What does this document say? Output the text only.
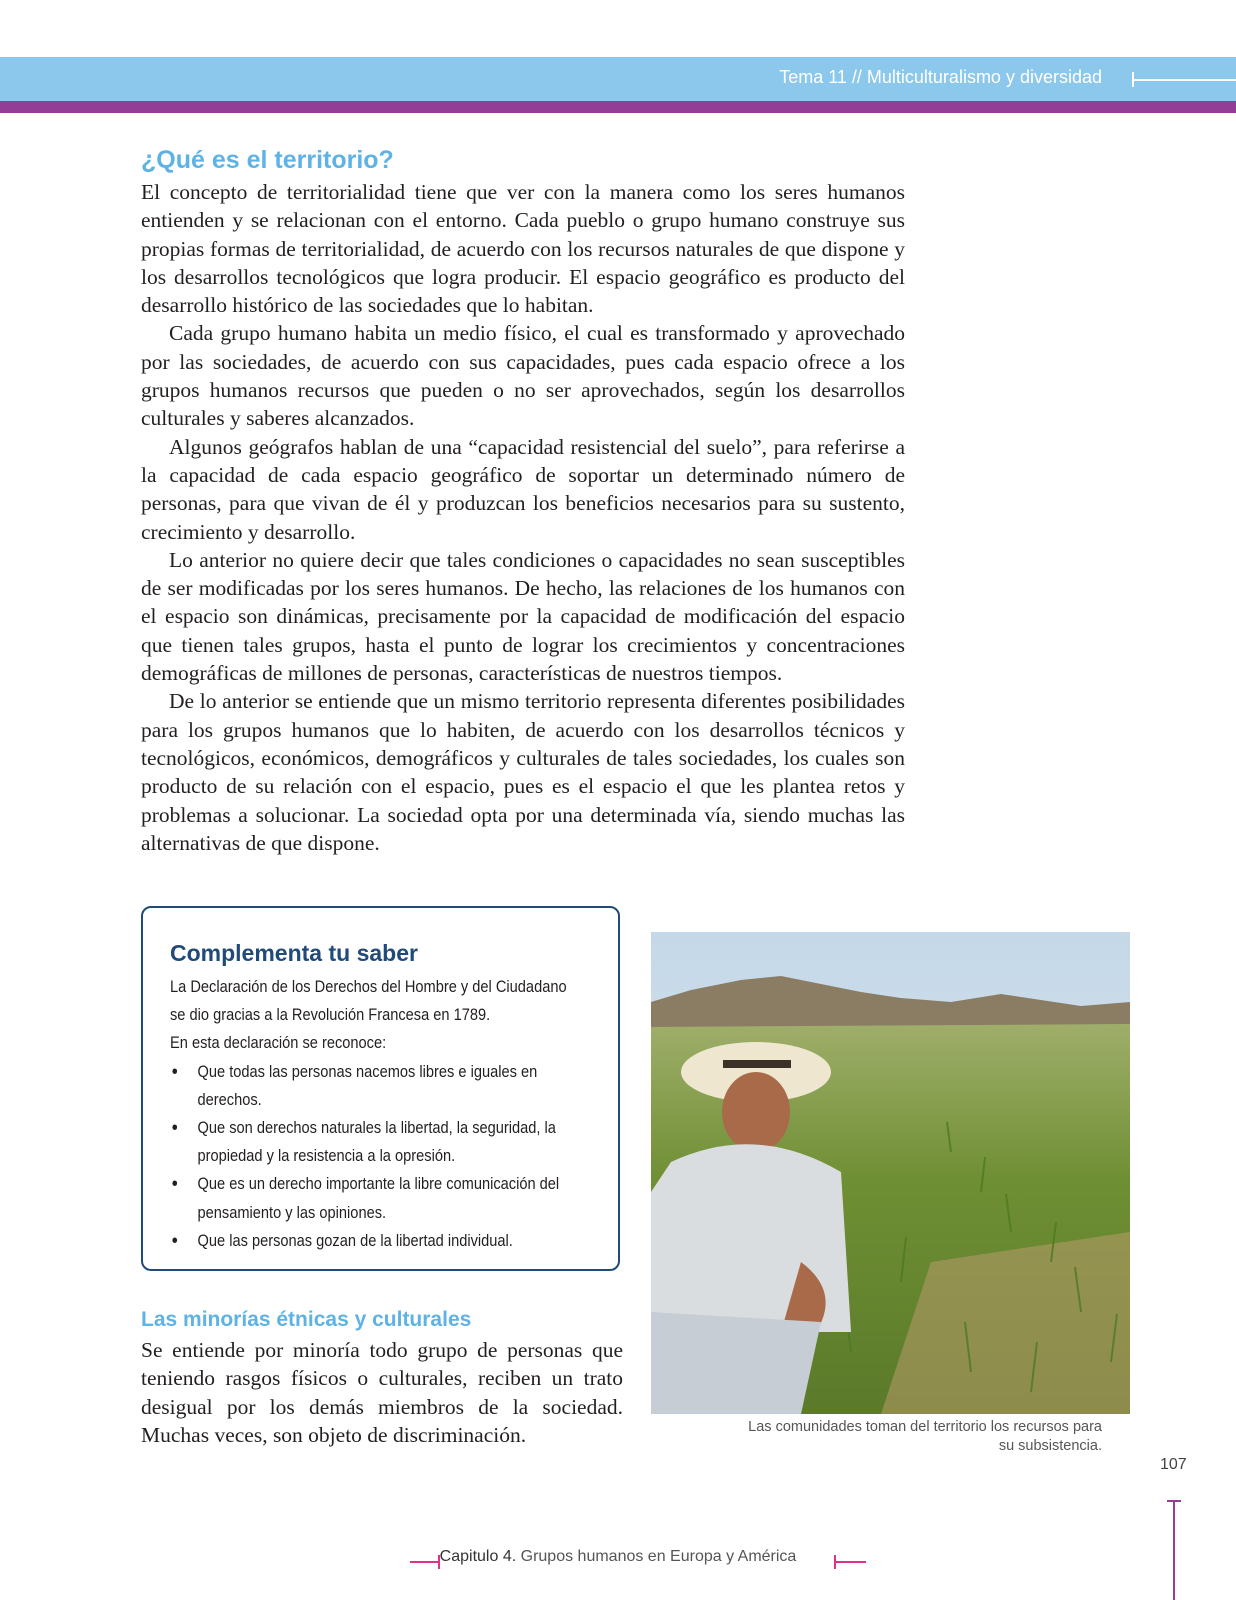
Tema 11 // Multiculturalismo y diversidad
¿Qué es el territorio?

El concepto de territorialidad tiene que ver con la manera como los seres humanos entienden y se relacionan con el entorno. Cada pueblo o grupo humano construye sus propias formas de territorialidad, de acuerdo con los recursos naturales de que dispone y los desarrollos tecnológicos que logra producir. El espacio geográfico es producto del desarrollo histórico de las sociedades que lo habitan.

Cada grupo humano habita un medio físico, el cual es transformado y aprovechado por las sociedades, de acuerdo con sus capacidades, pues cada espacio ofrece a los grupos humanos recursos que pueden o no ser aprovechados, según los desarrollos culturales y saberes alcanzados.

Algunos geógrafos hablan de una “capacidad resistencial del suelo”, para referirse a la capacidad de cada espacio geográfico de soportar un determinado número de personas, para que vivan de él y produzcan los beneficios necesarios para su sustento, crecimiento y desarrollo.

Lo anterior no quiere decir que tales condiciones o capacidades no sean susceptibles de ser modificadas por los seres humanos. De hecho, las relaciones de los humanos con el espacio son dinámicas, precisamente por la capacidad de modificación del espacio que tienen tales grupos, hasta el punto de lograr los crecimientos y concentraciones demográficas de millones de personas, características de nuestros tiempos.

De lo anterior se entiende que un mismo territorio representa diferentes posibilidades para los grupos humanos que lo habiten, de acuerdo con los desarrollos técnicos y tecnológicos, económicos, demográficos y culturales de tales sociedades, los cuales son producto de su relación con el espacio, pues es el espacio el que les plantea retos y problemas a solucionar. La sociedad opta por una determinada vía, siendo muchas las alternativas de que dispone.

Complementa tu saber
La Declaración de los Derechos del Hombre y del Ciudadano
se dio gracias a la Revolución Francesa en 1789.
En esta declaración se reconoce:
• Que todas las personas nacemos libres e iguales en derechos.
• Que son derechos naturales la libertad, la seguridad, la propiedad y la resistencia a la opresión.
• Que es un derecho importante la libre comunicación del pensamiento y las opiniones.
• Que las personas gozan de la libertad individual.
Las minorías étnicas y culturales

Se entiende por minoría todo grupo de personas que teniendo rasgos físicos o culturales, reciben un trato desigual por los demás miembros de la sociedad. Muchas veces, son objeto de discriminación.	Las comunidades toman del territorio los recursos para
su subsistencia.
107
Capitulo 4. Grupos humanos en Europa y América
